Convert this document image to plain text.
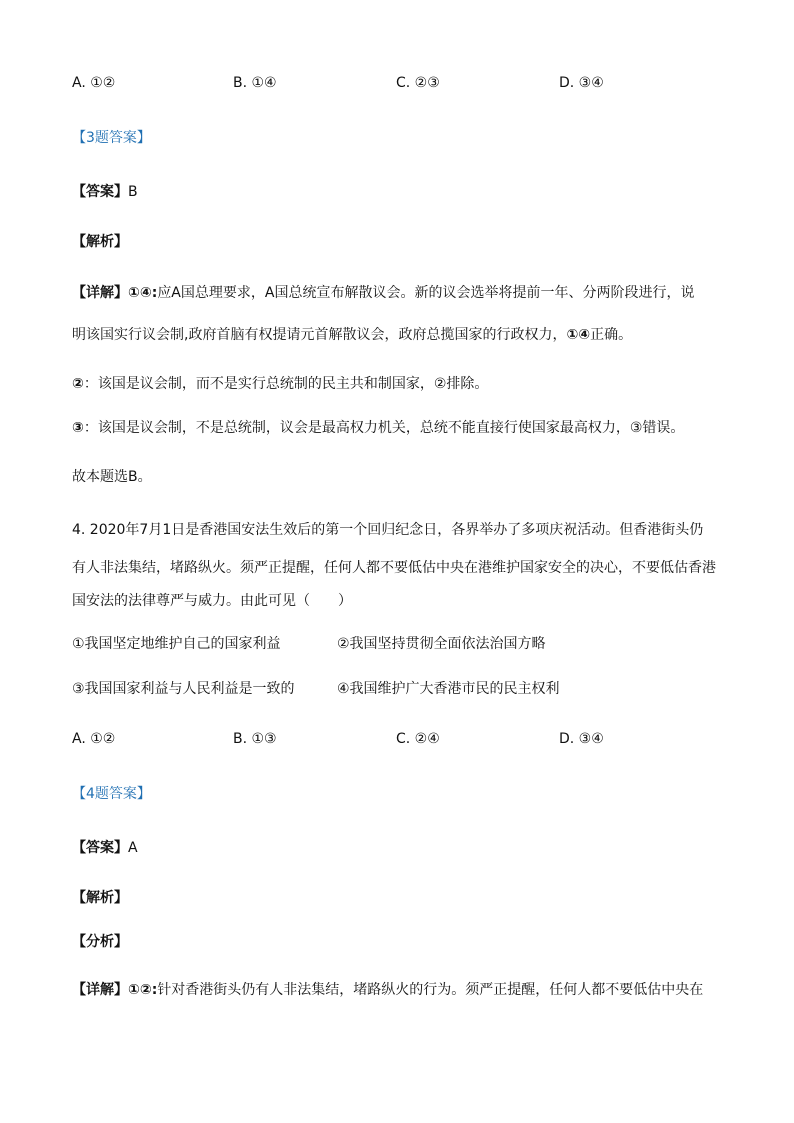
A. ①②	B. ①④	C. ②③	D. ③④
【3题答案】
【答案】B
【解析】
【详解】①④:应A国总理要求，A国总统宣布解散议会。新的议会选举将提前一年、分两阶段进行，说
明该国实行议会制,政府首脑有权提请元首解散议会，政府总揽国家的行政权力，①④正确。
②：该国是议会制，而不是实行总统制的民主共和制国家，②排除。
③：该国是议会制，不是总统制，议会是最高权力机关，总统不能直接行使国家最高权力，③错误。
故本题选B。
4. 2020年7月1日是香港国安法生效后的第一个回归纪念日，各界举办了多项庆祝活动。但香港街头仍
有人非法集结，堵路纵火。须严正提醒，任何人都不要低估中央在港维护国家安全的决心，不要低估香港
国安法的法律尊严与威力。由此可见（　　）
①我国坚定地维护自己的国家利益	②我国坚持贯彻全面依法治国方略
③我国国家利益与人民利益是一致的	④我国维护广大香港市民的民主权利
A. ①②	B. ①③	C. ②④	D. ③④
【4题答案】
【答案】A
【解析】
【分析】
【详解】①②:针对香港街头仍有人非法集结，堵路纵火的行为。须严正提醒，任何人都不要低估中央在
